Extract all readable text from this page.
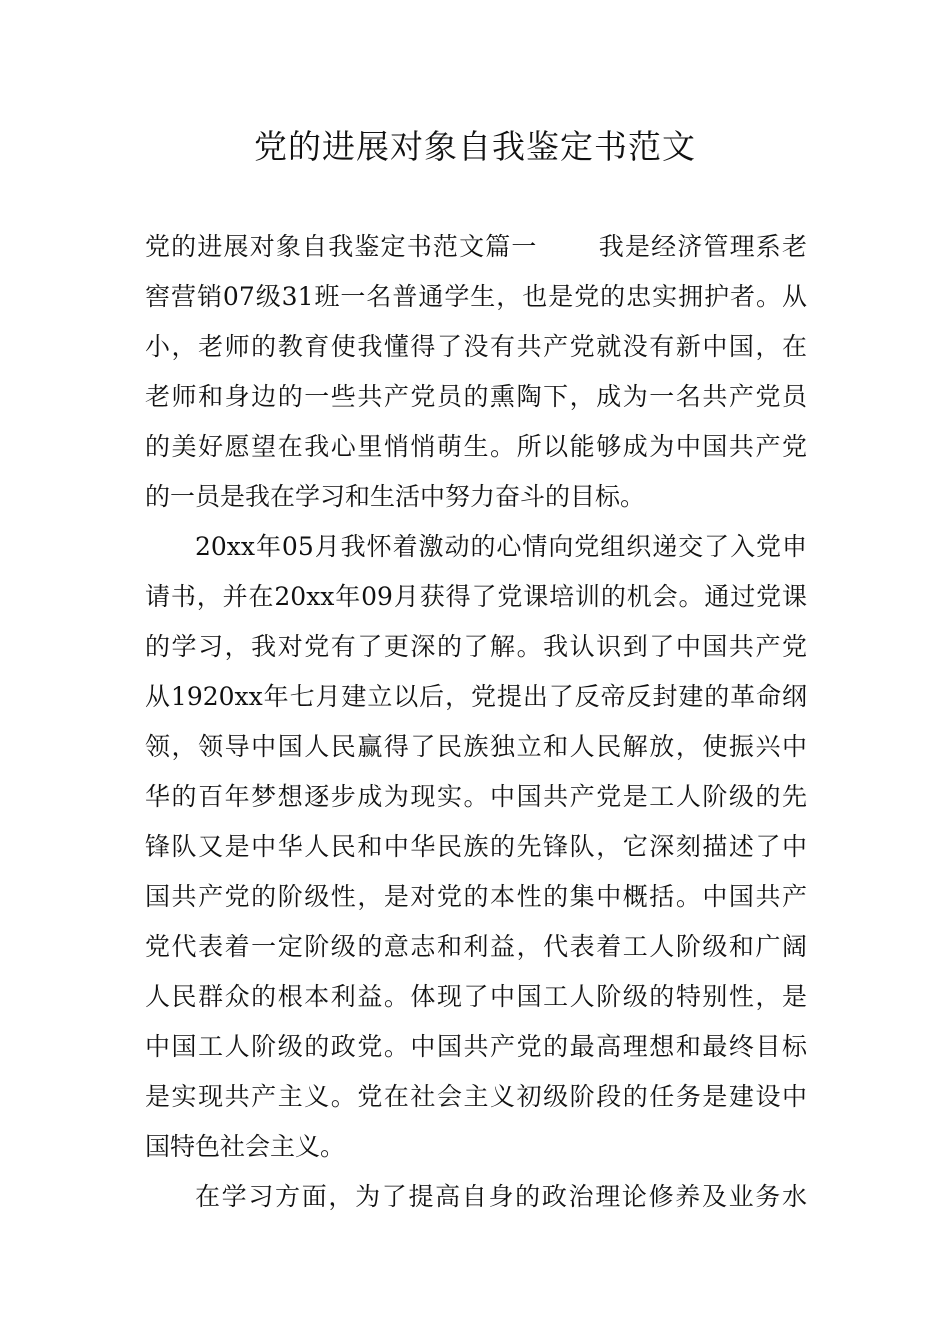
党的进展对象自我鉴定书范文
党的进展对象自我鉴定书范文篇一 我是经济管理系老
窖营销07级31班一名普通学生，也是党的忠实拥护者。从
小，老师的教育使我懂得了没有共产党就没有新中国，在
老师和身边的一些共产党员的熏陶下，成为一名共产党员
的美好愿望在我心里悄悄萌生。所以能够成为中国共产党
的一员是我在学习和生活中努力奋斗的目标。
20xx年05月我怀着激动的心情向党组织递交了入党申
请书，并在20xx年09月获得了党课培训的机会。通过党课
的学习，我对党有了更深的了解。我认识到了中国共产党
从1920xx年七月建立以后，党提出了反帝反封建的革命纲
领，领导中国人民赢得了民族独立和人民解放，使振兴中
华的百年梦想逐步成为现实。中国共产党是工人阶级的先
锋队又是中华人民和中华民族的先锋队，它深刻描述了中
国共产党的阶级性，是对党的本性的集中概括。中国共产
党代表着一定阶级的意志和利益，代表着工人阶级和广阔
人民群众的根本利益。体现了中国工人阶级的特别性，是
中国工人阶级的政党。中国共产党的最高理想和最终目标
是实现共产主义。党在社会主义初级阶段的任务是建设中
国特色社会主义。
在学习方面，为了提高自身的政治理论修养及业务水
